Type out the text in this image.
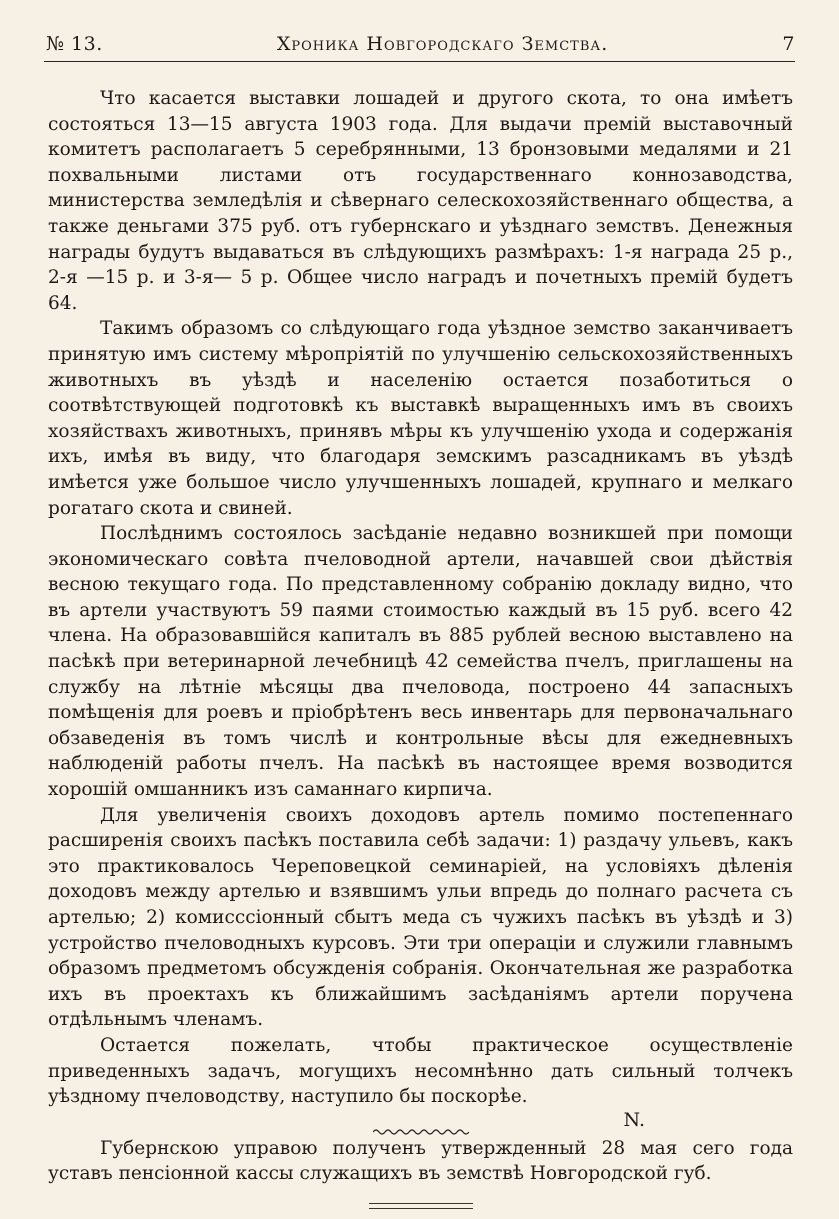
№ 13.	Хроника Новгородскаго Земства.	7

Что касается выставки лошадей и другого скота, то она имѣетъ состояться 13—15 августа 1903 года. Для выдачи премій выставочный комитетъ располагаетъ 5 серебрянными, 13 бронзовыми медалями и 21 похвальными листами отъ государственнаго коннозаводства, министерства земледѣлія и сѣвернаго селескохозяйственнаго общества, а также деньгами 375 руб. отъ губернскаго и уѣзднаго земствъ. Денежныя награды будутъ выдаваться въ слѣдующихъ размѣрахъ: 1-я награда 25 р., 2-я —15 р. и 3-я— 5 р. Общее число наградъ и почетныхъ премій будетъ 64.

Такимъ образомъ со слѣдующаго года уѣздное земство заканчиваетъ принятую имъ систему мѣропріятій по улучшенію сельскохозяйственныхъ животныхъ въ уѣздѣ и населенію остается позаботиться о соотвѣтствующей подготовкѣ къ выставкѣ выращенныхъ имъ въ своихъ хозяйствахъ животныхъ, принявъ мѣры къ улучшенію ухода и содержанія ихъ, имѣя въ виду, что благодаря земскимъ разсадникамъ въ уѣздѣ имѣется уже большое число улучшенныхъ лошадей, крупнаго и мелкаго рогатаго скота и свиней.

Послѣднимъ состоялось засѣданіе недавно возникшей при помощи экономическаго совѣта пчеловодной артели, начавшей свои дѣйствія весною текущаго года. По представленному собранію докладу видно, что въ артели участвуютъ 59 паями стоимостью каждый въ 15 руб. всего 42 члена. На образовавшійся капиталъ въ 885 рублей весною выставлено на пасѣкѣ при ветеринарной лечебницѣ 42 семейства пчелъ, приглашены на службу на лѣтніе мѣсяцы два пчеловода, построено 44 запасныхъ помѣщенія для роевъ и пріобрѣтенъ весь инвентарь для первоначальнаго обзаведенія въ томъ числѣ и контрольные вѣсы для ежедневныхъ наблюденій работы пчелъ. На пасѣкѣ въ настоящее время возводится хорошій омшанникъ изъ саманнаго кирпича.

Для увеличенія своихъ доходовъ артель помимо постепеннаго расширенія своихъ пасѣкъ поставила себѣ задачи: 1) раздачу ульевъ, какъ это практиковалось Череповецкой семинаріей, на условіяхъ дѣленія доходовъ между артелью и взявшимъ ульи впредь до полнаго расчета съ артелью; 2) комисссіонный сбытъ меда съ чужихъ пасѣкъ въ уѣздѣ и 3) устройство пчеловодныхъ курсовъ. Эти три операціи и служили главнымъ образомъ предметомъ обсужденія собранія. Окончательная же разработка ихъ въ проектахъ къ ближайшимъ засѣданіямъ артели поручена отдѣльнымъ членамъ.

Остается пожелать, чтобы практическое осуществленіе приведенныхъ задачъ, могущихъ несомнѣнно дать сильный толчекъ уѣздному пчеловодству, наступило бы поскорѣе.

N.

Губернскою управою полученъ утвержденный 28 мая сего года уставъ пенсіонной кассы служащихъ въ земствѣ Новгородской губ.
